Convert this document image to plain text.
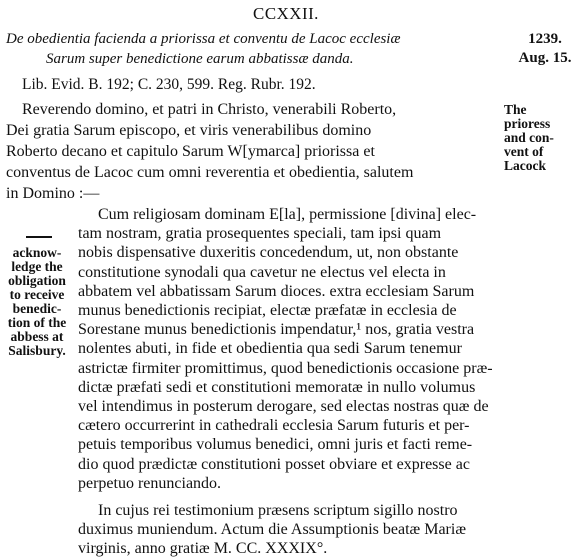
CCXXII.
De obedientia facienda a priorissa et conventu de Lacoc ecclesiæ
Sarum super benedictione earum abbatissæ danda.
1239.
Aug. 15.
Lib. Evid. B. 192; C. 230, 599. Reg. Rubr. 192.
The
prioress
and con-
vent of
Lacock
Reverendo domino, et patri in Christo, venerabili Roberto,
Dei gratia Sarum episcopo, et viris venerabilibus domino
Roberto decano et capitulo Sarum W[ymarca] priorissa et
conventus de Lacoc cum omni reverentia et obedientia, salutem
in Domino :—
acknow-
ledge the
obligation
to receive
benedic-
tion of the
abbess at
Salisbury.
Cum religiosam dominam E[la], permissione [divina] elec-
tam nostram, gratia prosequentes speciali, tam ipsi quam
nobis dispensative duxeritis concedendum, ut, non obstante
constitutione synodali qua cavetur ne electus vel electa in
abbatem vel abbatissam Sarum dioces. extra ecclesiam Sarum
munus benedictionis recipiat, electæ præfatæ in ecclesia de
Sorestane munus benedictionis impendatur,¹ nos, gratia vestra
nolentes abuti, in fide et obedientia qua sedi Sarum tenemur
astrictæ firmiter promittimus, quod benedictionis occasione præ-
dictæ præfati sedi et constitutioni memoratæ in nullo volumus
vel intendimus in posterum derogare, sed electas nostras quæ de
cætero occurrerint in cathedrali ecclesia Sarum futuris et per-
petuis temporibus volumus benedici, omni juris et facti reme-
dio quod prædictæ constitutioni posset obviare et expresse ac
perpetuo renunciando.
In cujus rei testimonium præsens scriptum sigillo nostro
duximus muniendum. Actum die Assumptionis beatæ Mariæ
virginis, anno gratiæ M. CC. XXXIX°.
